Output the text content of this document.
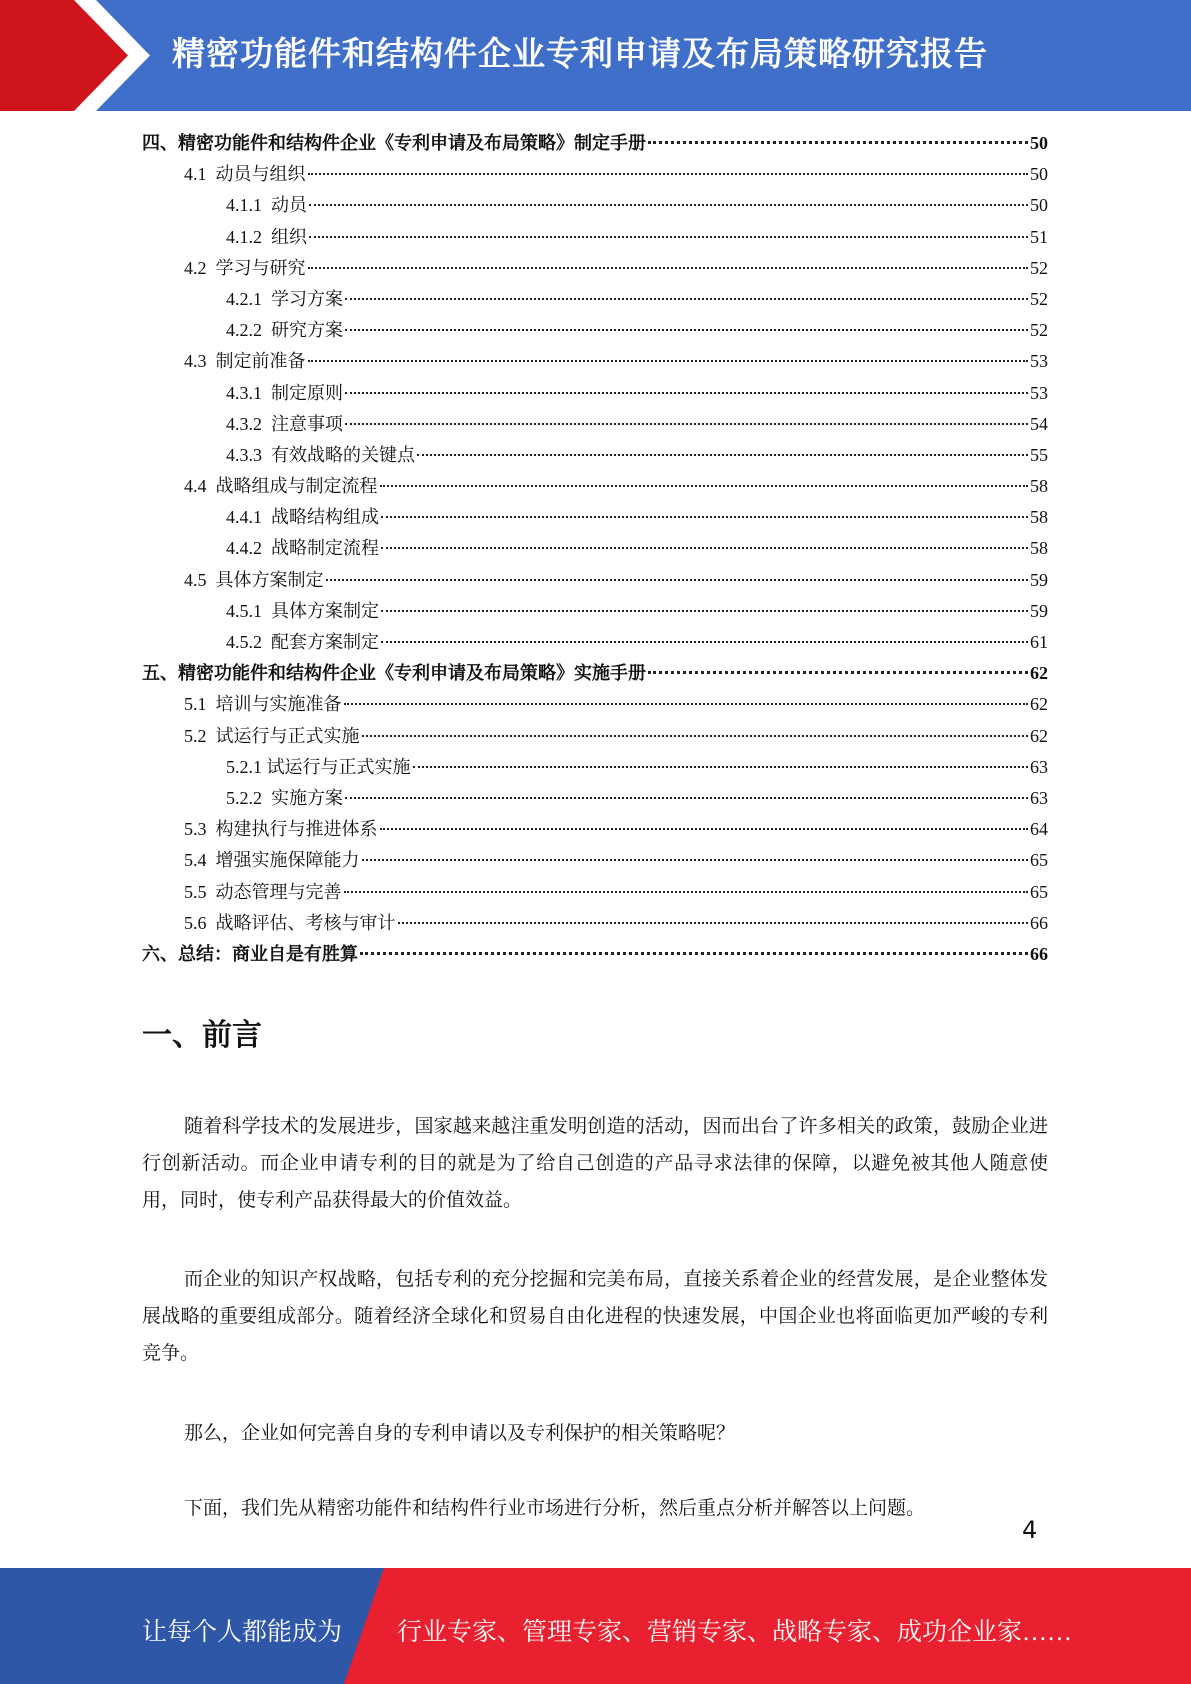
精密功能件和结构件企业专利申请及布局策略研究报告
四、 精密功能件和结构件企业《专利申请及布局策略》制定手册	50
4.1 动员与组织	50
4.1.1 动员	50
4.1.2 组织	51
4.2 学习与研究	52
4.2.1 学习方案	52
4.2.2 研究方案	52
4.3 制定前准备	53
4.3.1 制定原则	53
4.3.2 注意事项	54
4.3.3 有效战略的关键点	55
4.4 战略组成与制定流程	58
4.4.1 战略结构组成	58
4.4.2 战略制定流程	58
4.5 具体方案制定	59
4.5.1 具体方案制定	59
4.5.2 配套方案制定	61
五、 精密功能件和结构件企业《专利申请及布局策略》实施手册	62
5.1 培训与实施准备	62
5.2 试运行与正式实施	62
5.2.1 试运行与正式实施	63
5.2.2 实施方案	63
5.3 构建执行与推进体系	64
5.4 增强实施保障能力	65
5.5 动态管理与完善	65
5.6 战略评估、考核与审计	66
六、 总结：商业自是有胜算	66
一、前言

随着科学技术的发展进步，国家越来越注重发明创造的活动，因而出台了许多相关的政策，鼓励企业进行创新活动。而企业申请专利的目的就是为了给自己创造的产品寻求法律的保障，以避免被其他人随意使用，同时，使专利产品获得最大的价值效益。

而企业的知识产权战略，包括专利的充分挖掘和完美布局，直接关系着企业的经营发展，是企业整体发展战略的重要组成部分。随着经济全球化和贸易自由化进程的快速发展，中国企业也将面临更加严峻的专利竞争。

那么，企业如何完善自身的专利申请以及专利保护的相关策略呢？

下面，我们先从精密功能件和结构件行业市场进行分析，然后重点分析并解答以上问题。

4
让每个人都能成为 行业专家、管理专家、营销专家、战略专家、成功企业家……
